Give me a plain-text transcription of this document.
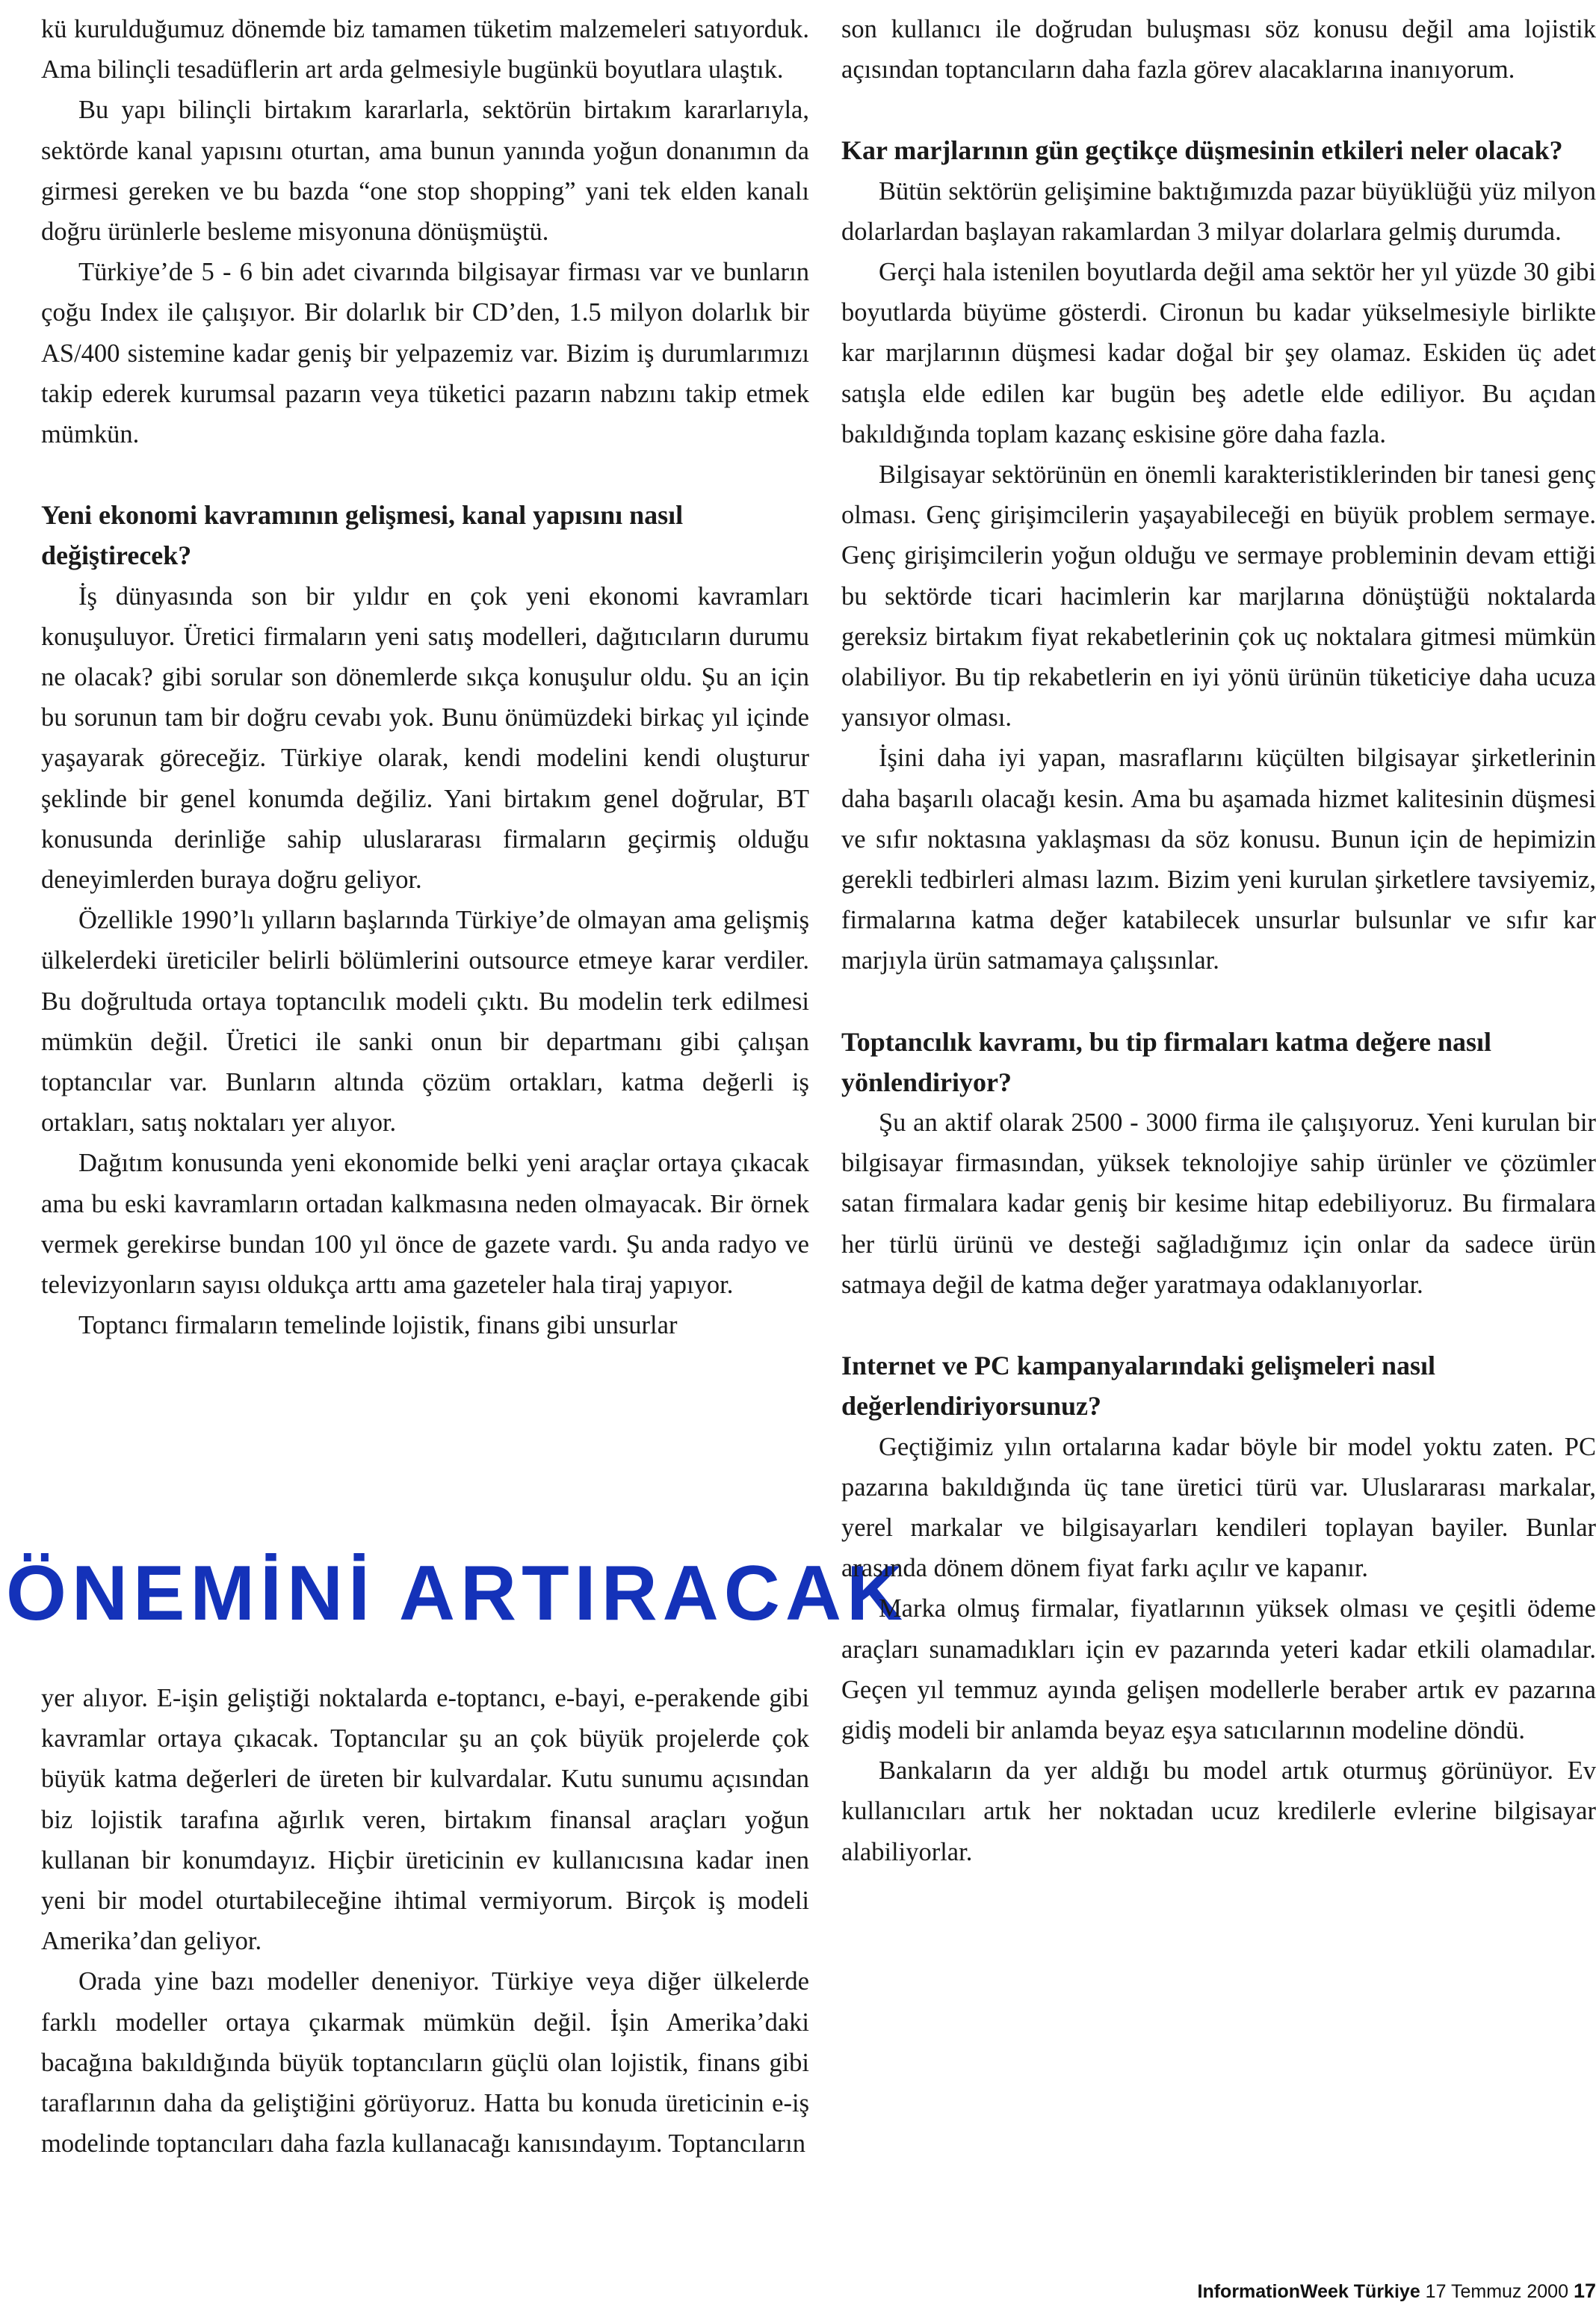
kü kurulduğumuz dönemde biz tamamen tüketim malzemeleri satıyorduk. Ama bilinçli tesadüflerin art arda gelmesiyle bugünkü boyutlara ulaştık.

Bu yapı bilinçli birtakım kararlarla, sektörün birtakım kararlarıyla, sektörde kanal yapısını oturtan, ama bunun yanında yoğun donanımın da girmesi gereken ve bu bazda “one stop shopping” yani tek elden kanalı doğru ürünlerle besleme misyonuna dönüşmüştü.

Türkiye’de 5 - 6 bin adet civarında bilgisayar firması var ve bunların çoğu Index ile çalışıyor. Bir dolarlık bir CD’den, 1.5 milyon dolarlık bir AS/400 sistemine kadar geniş bir yelpazemiz var. Bizim iş durumlarımızı takip ederek kurumsal pazarın veya tüketici pazarın nabzını takip etmek mümkün.

Yeni ekonomi kavramının gelişmesi, kanal yapısını nasıl değiştirecek?

İş dünyasında son bir yıldır en çok yeni ekonomi kavramları konuşuluyor. Üretici firmaların yeni satış modelleri, dağıtıcıların durumu ne olacak? gibi sorular son dönemlerde sıkça konuşulur oldu. Şu an için bu sorunun tam bir doğru cevabı yok. Bunu önümüzdeki birkaç yıl içinde yaşayarak göreceğiz. Türkiye olarak, kendi modelini kendi oluşturur şeklinde bir genel konumda değiliz. Yani birtakım genel doğrular, BT konusunda derinliğe sahip uluslararası firmaların geçirmiş olduğu deneyimlerden buraya doğru geliyor.

Özellikle 1990’lı yılların başlarında Türkiye’de olmayan ama gelişmiş ülkelerdeki üreticiler belirli bölümlerini outsource etmeye karar verdiler. Bu doğrultuda ortaya toptancılık modeli çıktı. Bu modelin terk edilmesi mümkün değil. Üretici ile sanki onun bir departmanı gibi çalışan toptancılar var. Bunların altında çözüm ortakları, katma değerli iş ortakları, satış noktaları yer alıyor.

Dağıtım konusunda yeni ekonomide belki yeni araçlar ortaya çıkacak ama bu eski kavramların ortadan kalkmasına neden olmayacak. Bir örnek vermek gerekirse bundan 100 yıl önce de gazete vardı. Şu anda radyo ve televizyonların sayısı oldukça arttı ama gazeteler hala tiraj yapıyor.

Toptancı firmaların temelinde lojistik, finans gibi unsurlar

ÖNEMİNİ ARTIRACAK

yer alıyor. E-işin geliştiği noktalarda e-toptancı, e-bayi, e-perakende gibi kavramlar ortaya çıkacak. Toptancılar şu an çok büyük projelerde çok büyük katma değerleri de üreten bir kulvardalar. Kutu sunumu açısından biz lojistik tarafına ağırlık veren, birtakım finansal araçları yoğun kullanan bir konumdayız. Hiçbir üreticinin ev kullanıcısına kadar inen yeni bir model oturtabileceğine ihtimal vermiyorum. Birçok iş modeli Amerika’dan geliyor.

Orada yine bazı modeller deneniyor. Türkiye veya diğer ülkelerde farklı modeller ortaya çıkarmak mümkün değil. İşin Amerika’daki bacağına bakıldığında büyük toptancıların güçlü olan lojistik, finans gibi taraflarının daha da geliştiğini görüyoruz. Hatta bu konuda üreticinin e-iş modelinde toptancıları daha fazla kullanacağı kanısındayım. Toptancıların

son kullanıcı ile doğrudan buluşması söz konusu değil ama lojistik açısından toptancıların daha fazla görev alacaklarına inanıyorum.

Kar marjlarının gün geçtikçe düşmesinin etkileri neler olacak?

Bütün sektörün gelişimine baktığımızda pazar büyüklüğü yüz milyon dolarlardan başlayan rakamlardan 3 milyar dolarlara gelmiş durumda.

Gerçi hala istenilen boyutlarda değil ama sektör her yıl yüzde 30 gibi boyutlarda büyüme gösterdi. Cironun bu kadar yükselmesiyle birlikte kar marjlarının düşmesi kadar doğal bir şey olamaz. Eskiden üç adet satışla elde edilen kar bugün beş adetle elde ediliyor. Bu açıdan bakıldığında toplam kazanç eskisine göre daha fazla.

Bilgisayar sektörünün en önemli karakteristiklerinden bir tanesi genç olması. Genç girişimcilerin yaşayabileceği en büyük problem sermaye. Genç girişimcilerin yoğun olduğu ve sermaye probleminin devam ettiği bu sektörde ticari hacimlerin kar marjlarına dönüştüğü noktalarda gereksiz birtakım fiyat rekabetlerinin çok uç noktalara gitmesi mümkün olabiliyor. Bu tip rekabetlerin en iyi yönü ürünün tüketiciye daha ucuza yansıyor olması.

İşini daha iyi yapan, masraflarını küçülten bilgisayar şirketlerinin daha başarılı olacağı kesin. Ama bu aşamada hizmet kalitesinin düşmesi ve sıfır noktasına yaklaşması da söz konusu. Bunun için de hepimizin gerekli tedbirleri alması lazım. Bizim yeni kurulan şirketlere tavsiyemiz, firmalarına katma değer katabilecek unsurlar bulsunlar ve sıfır kar marjıyla ürün satmamaya çalışsınlar.

Toptancılık kavramı, bu tip firmaları katma değere nasıl yönlendiriyor?

Şu an aktif olarak 2500 - 3000 firma ile çalışıyoruz. Yeni kurulan bir bilgisayar firmasından, yüksek teknolojiye sahip ürünler ve çözümler satan firmalara kadar geniş bir kesime hitap edebiliyoruz. Bu firmalara her türlü ürünü ve desteği sağladığımız için onlar da sadece ürün satmaya değil de katma değer yaratmaya odaklanıyorlar.

Internet ve PC kampanyalarındaki gelişmeleri nasıl değerlendiriyorsunuz?

Geçtiğimiz yılın ortalarına kadar böyle bir model yoktu zaten. PC pazarına bakıldığında üç tane üretici türü var. Uluslararası markalar, yerel markalar ve bilgisayarları kendileri toplayan bayiler. Bunlar arasında dönem dönem fiyat farkı açılır ve kapanır.

Marka olmuş firmalar, fiyatlarının yüksek olması ve çeşitli ödeme araçları sunamadıkları için ev pazarında yeteri kadar etkili olamadılar. Geçen yıl temmuz ayında gelişen modellerle beraber artık ev pazarına gidiş modeli bir anlamda beyaz eşya satıcılarının modeline döndü.

Bankaların da yer aldığı bu model artık oturmuş görünüyor. Ev kullanıcıları artık her noktadan ucuz kredilerle evlerine bilgisayar alabiliyorlar.

InformationWeek Türkiye 17 Temmuz 2000 17
